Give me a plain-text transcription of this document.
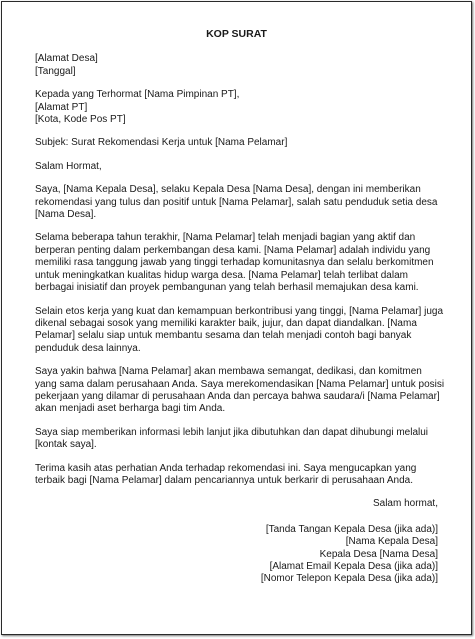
KOP SURAT
[Alamat Desa]
[Tanggal]
Kepada yang Terhormat [Nama Pimpinan PT],
[Alamat PT]
[Kota, Kode Pos PT]
Subjek: Surat Rekomendasi Kerja untuk [Nama Pelamar]
Salam Hormat,
Saya, [Nama Kepala Desa], selaku Kepala Desa [Nama Desa], dengan ini memberikan
rekomendasi yang tulus dan positif untuk [Nama Pelamar], salah satu penduduk setia desa
[Nama Desa].
Selama beberapa tahun terakhir, [Nama Pelamar] telah menjadi bagian yang aktif dan
berperan penting dalam perkembangan desa kami. [Nama Pelamar] adalah individu yang
memiliki rasa tanggung jawab yang tinggi terhadap komunitasnya dan selalu berkomitmen
untuk meningkatkan kualitas hidup warga desa. [Nama Pelamar] telah terlibat dalam
berbagai inisiatif dan proyek pembangunan yang telah berhasil memajukan desa kami.
Selain etos kerja yang kuat dan kemampuan berkontribusi yang tinggi, [Nama Pelamar] juga
dikenal sebagai sosok yang memiliki karakter baik, jujur, dan dapat diandalkan. [Nama
Pelamar] selalu siap untuk membantu sesama dan telah menjadi contoh bagi banyak
penduduk desa lainnya.
Saya yakin bahwa [Nama Pelamar] akan membawa semangat, dedikasi, dan komitmen
yang sama dalam perusahaan Anda. Saya merekomendasikan [Nama Pelamar] untuk posisi
pekerjaan yang dilamar di perusahaan Anda dan percaya bahwa saudara/i [Nama Pelamar]
akan menjadi aset berharga bagi tim Anda.
Saya siap memberikan informasi lebih lanjut jika dibutuhkan dan dapat dihubungi melalui
[kontak saya].
Terima kasih atas perhatian Anda terhadap rekomendasi ini. Saya mengucapkan yang
terbaik bagi [Nama Pelamar] dalam pencariannya untuk berkarir di perusahaan Anda.
Salam hormat,
[Tanda Tangan Kepala Desa (jika ada)]
[Nama Kepala Desa]
Kepala Desa [Nama Desa]
[Alamat Email Kepala Desa (jika ada)]
[Nomor Telepon Kepala Desa (jika ada)]
